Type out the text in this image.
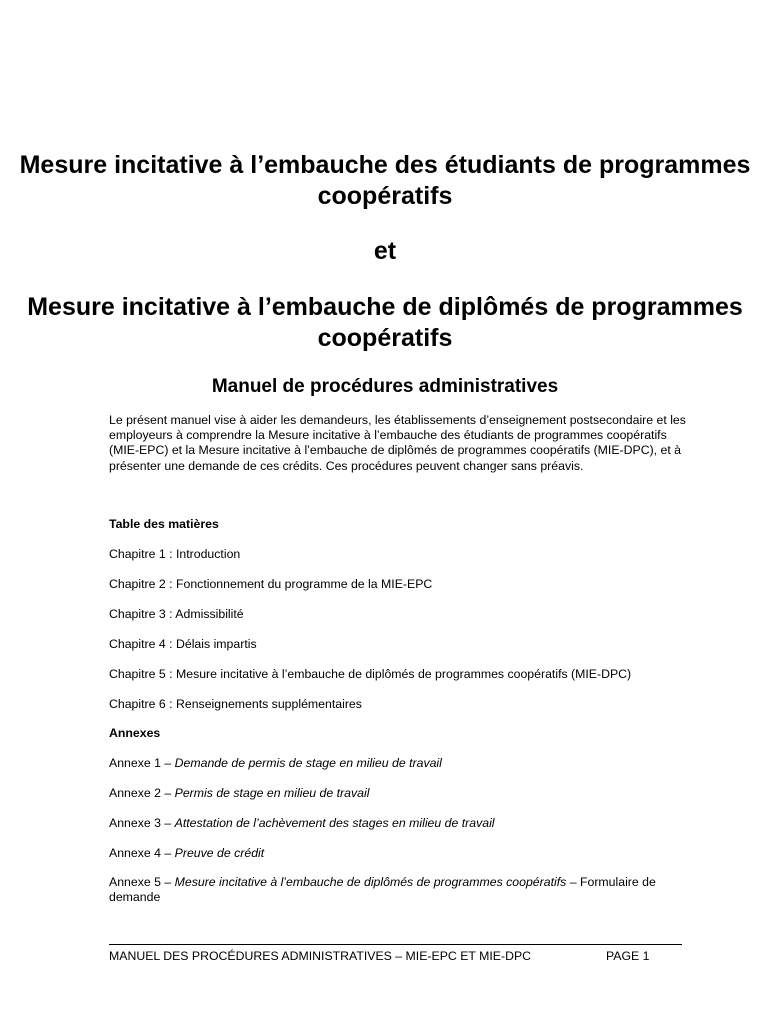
Mesure incitative à l’embauche des étudiants de programmes coopératifs
et
Mesure incitative à l’embauche de diplômés de programmes coopératifs
Manuel de procédures administratives

Le présent manuel vise à aider les demandeurs, les établissements d’enseignement postsecondaire et les employeurs à comprendre la Mesure incitative à l’embauche des étudiants de programmes coopératifs (MIE-EPC) et la Mesure incitative à l’embauche de diplômés de programmes coopératifs (MIE-DPC), et à présenter une demande de ces crédits. Ces procédures peuvent changer sans préavis.

Table des matières
Chapitre 1 : Introduction
Chapitre 2 : Fonctionnement du programme de la MIE-EPC
Chapitre 3 : Admissibilité
Chapitre 4 : Délais impartis
Chapitre 5 : Mesure incitative à l’embauche de diplômés de programmes coopératifs (MIE-DPC)
Chapitre 6 : Renseignements supplémentaires
Annexes
Annexe 1 – Demande de permis de stage en milieu de travail
Annexe 2 – Permis de stage en milieu de travail
Annexe 3 – Attestation de l’achèvement des stages en milieu de travail
Annexe 4 – Preuve de crédit
Annexe 5 – Mesure incitative à l’embauche de diplômés de programmes coopératifs – Formulaire de demande
MANUEL DES PROCÉDURES ADMINISTRATIVES – MIE-EPC ET MIE-DPC	PAGE 1
